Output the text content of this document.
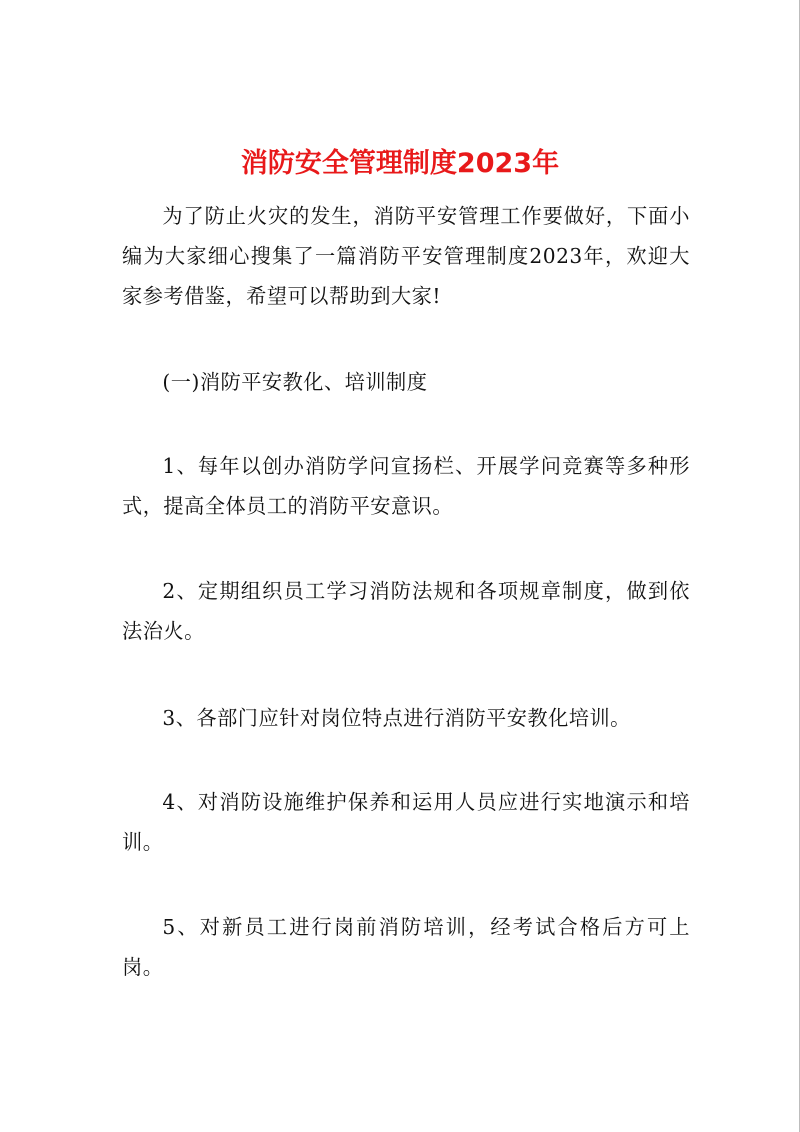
消防安全管理制度2023年

为了防止火灾的发生，消防平安管理工作要做好，下面小编为大家细心搜集了一篇消防平安管理制度2023年，欢迎大家参考借鉴，希望可以帮助到大家!

(一)消防平安教化、培训制度

1、每年以创办消防学问宣扬栏、开展学问竞赛等多种形式，提高全体员工的消防平安意识。

2、定期组织员工学习消防法规和各项规章制度，做到依法治火。

3、各部门应针对岗位特点进行消防平安教化培训。

4、对消防设施维护保养和运用人员应进行实地演示和培训。

5、对新员工进行岗前消防培训，经考试合格后方可上岗。
